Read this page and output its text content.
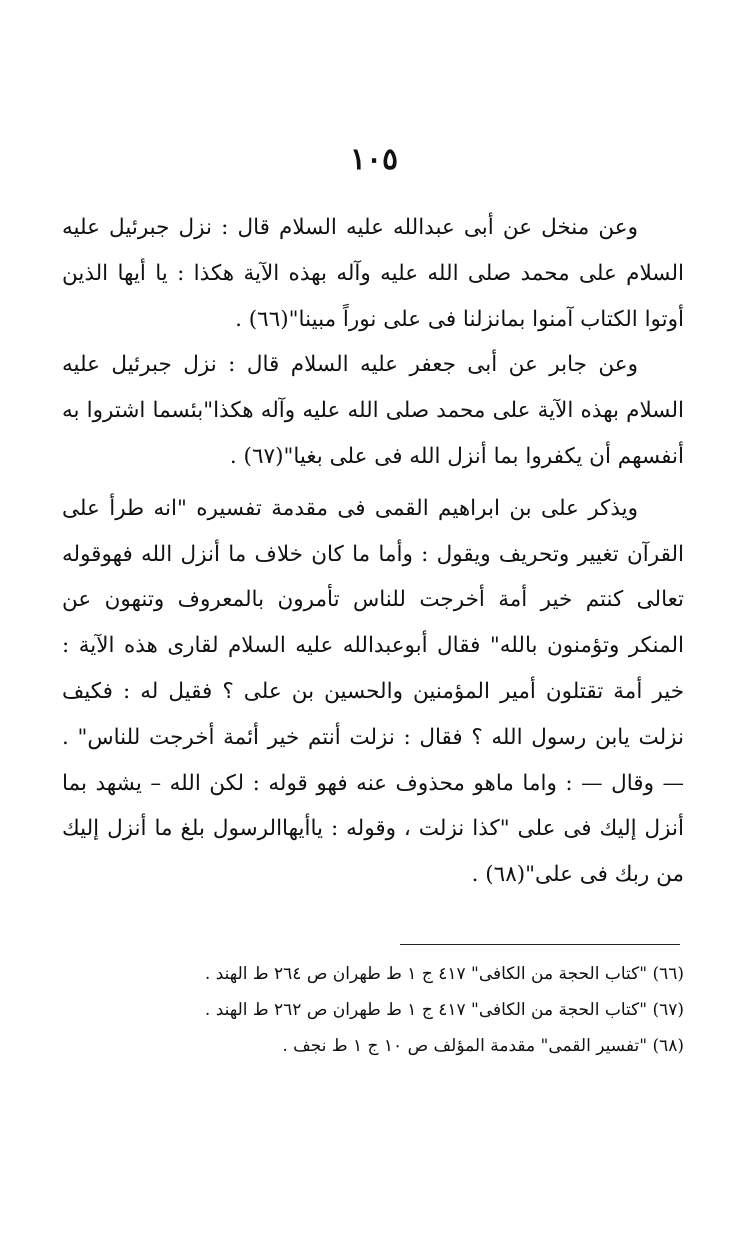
١٠٥

وعن منخل عن أبى عبدالله عليه السلام قال : نزل جبرئيل عليه السلام على محمد صلى الله عليه وآله بهذه الآية هكذا : يا أيها الذين أوتوا الكتاب آمنوا بمانزلنا فى على نوراً مبينا"(٦٦) .

وعن جابر عن أبى جعفر عليه السلام قال : نزل جبرئيل عليه السلام بهذه الآية على محمد صلى الله عليه وآله هكذا"بئسما اشتروا به أنفسهم أن يكفروا بما أنزل الله فى على بغيا"(٦٧) .

ويذكر على بن ابراهيم القمى فى مقدمة تفسيره "انه طرأ على القرآن تغيير وتحريف ويقول : وأما ما كان خلاف ما أنزل الله فهوقوله تعالى كنتم خير أمة أخرجت للناس تأمرون بالمعروف وتنهون عن المنكر وتؤمنون بالله" فقال أبوعبدالله عليه السلام لقارى هذه الآية : خير أمة تقتلون أمير المؤمنين والحسين بن على ؟ فقيل له : فكيف نزلت يابن رسول الله ؟ فقال : نزلت أنتم خير أئمة أخرجت للناس" . — وقال — : واما ماهو محذوف عنه فهو قوله : لكن الله – يشهد بما أنزل إليك فى على "كذا نزلت ، وقوله : ياأيهاالرسول بلغ ما أنزل إليك من ربك فى على"(٦٨) .

(٦٦) "كتاب الحجة من الكافى" ٤١٧ ج ١ ط طهران ص ٢٦٤ ط الهند .

(٦٧) "كتاب الحجة من الكافى" ٤١٧ ج ١ ط طهران ص ٢٦٢ ط الهند .

(٦٨) "تفسير القمى" مقدمة المؤلف ص ١٠ ج ١ ط نجف .
